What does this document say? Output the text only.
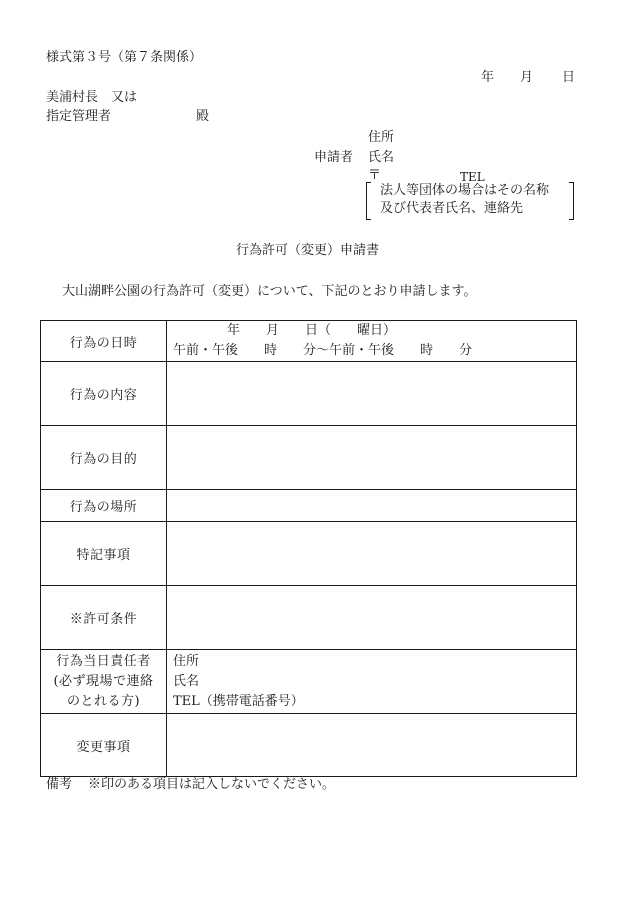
様式第３号（第７条関係）
年 月 日
美浦村長　又は
指定管理者	殿
住所
申請者 氏名
〒	TEL
法人等団体の場合はその名称
及び代表者氏名、連絡先
行為許可（変更）申請書
大山湖畔公園の行為許可（変更）について、下記のとおり申請します。
行為の日時	年　　月　　日（　　曜日）
午前・午後　　時　　分～午前・午後　　時　　分

行為の内容	
行為の目的	
行為の場所	
特記事項	
※許可条件	

行為当日責任者
(必ず現場で連絡
のとれる方)	住所
氏名
TEL（携帯電話番号）

変更事項	
備考 ※印のある項目は記入しないでください。
